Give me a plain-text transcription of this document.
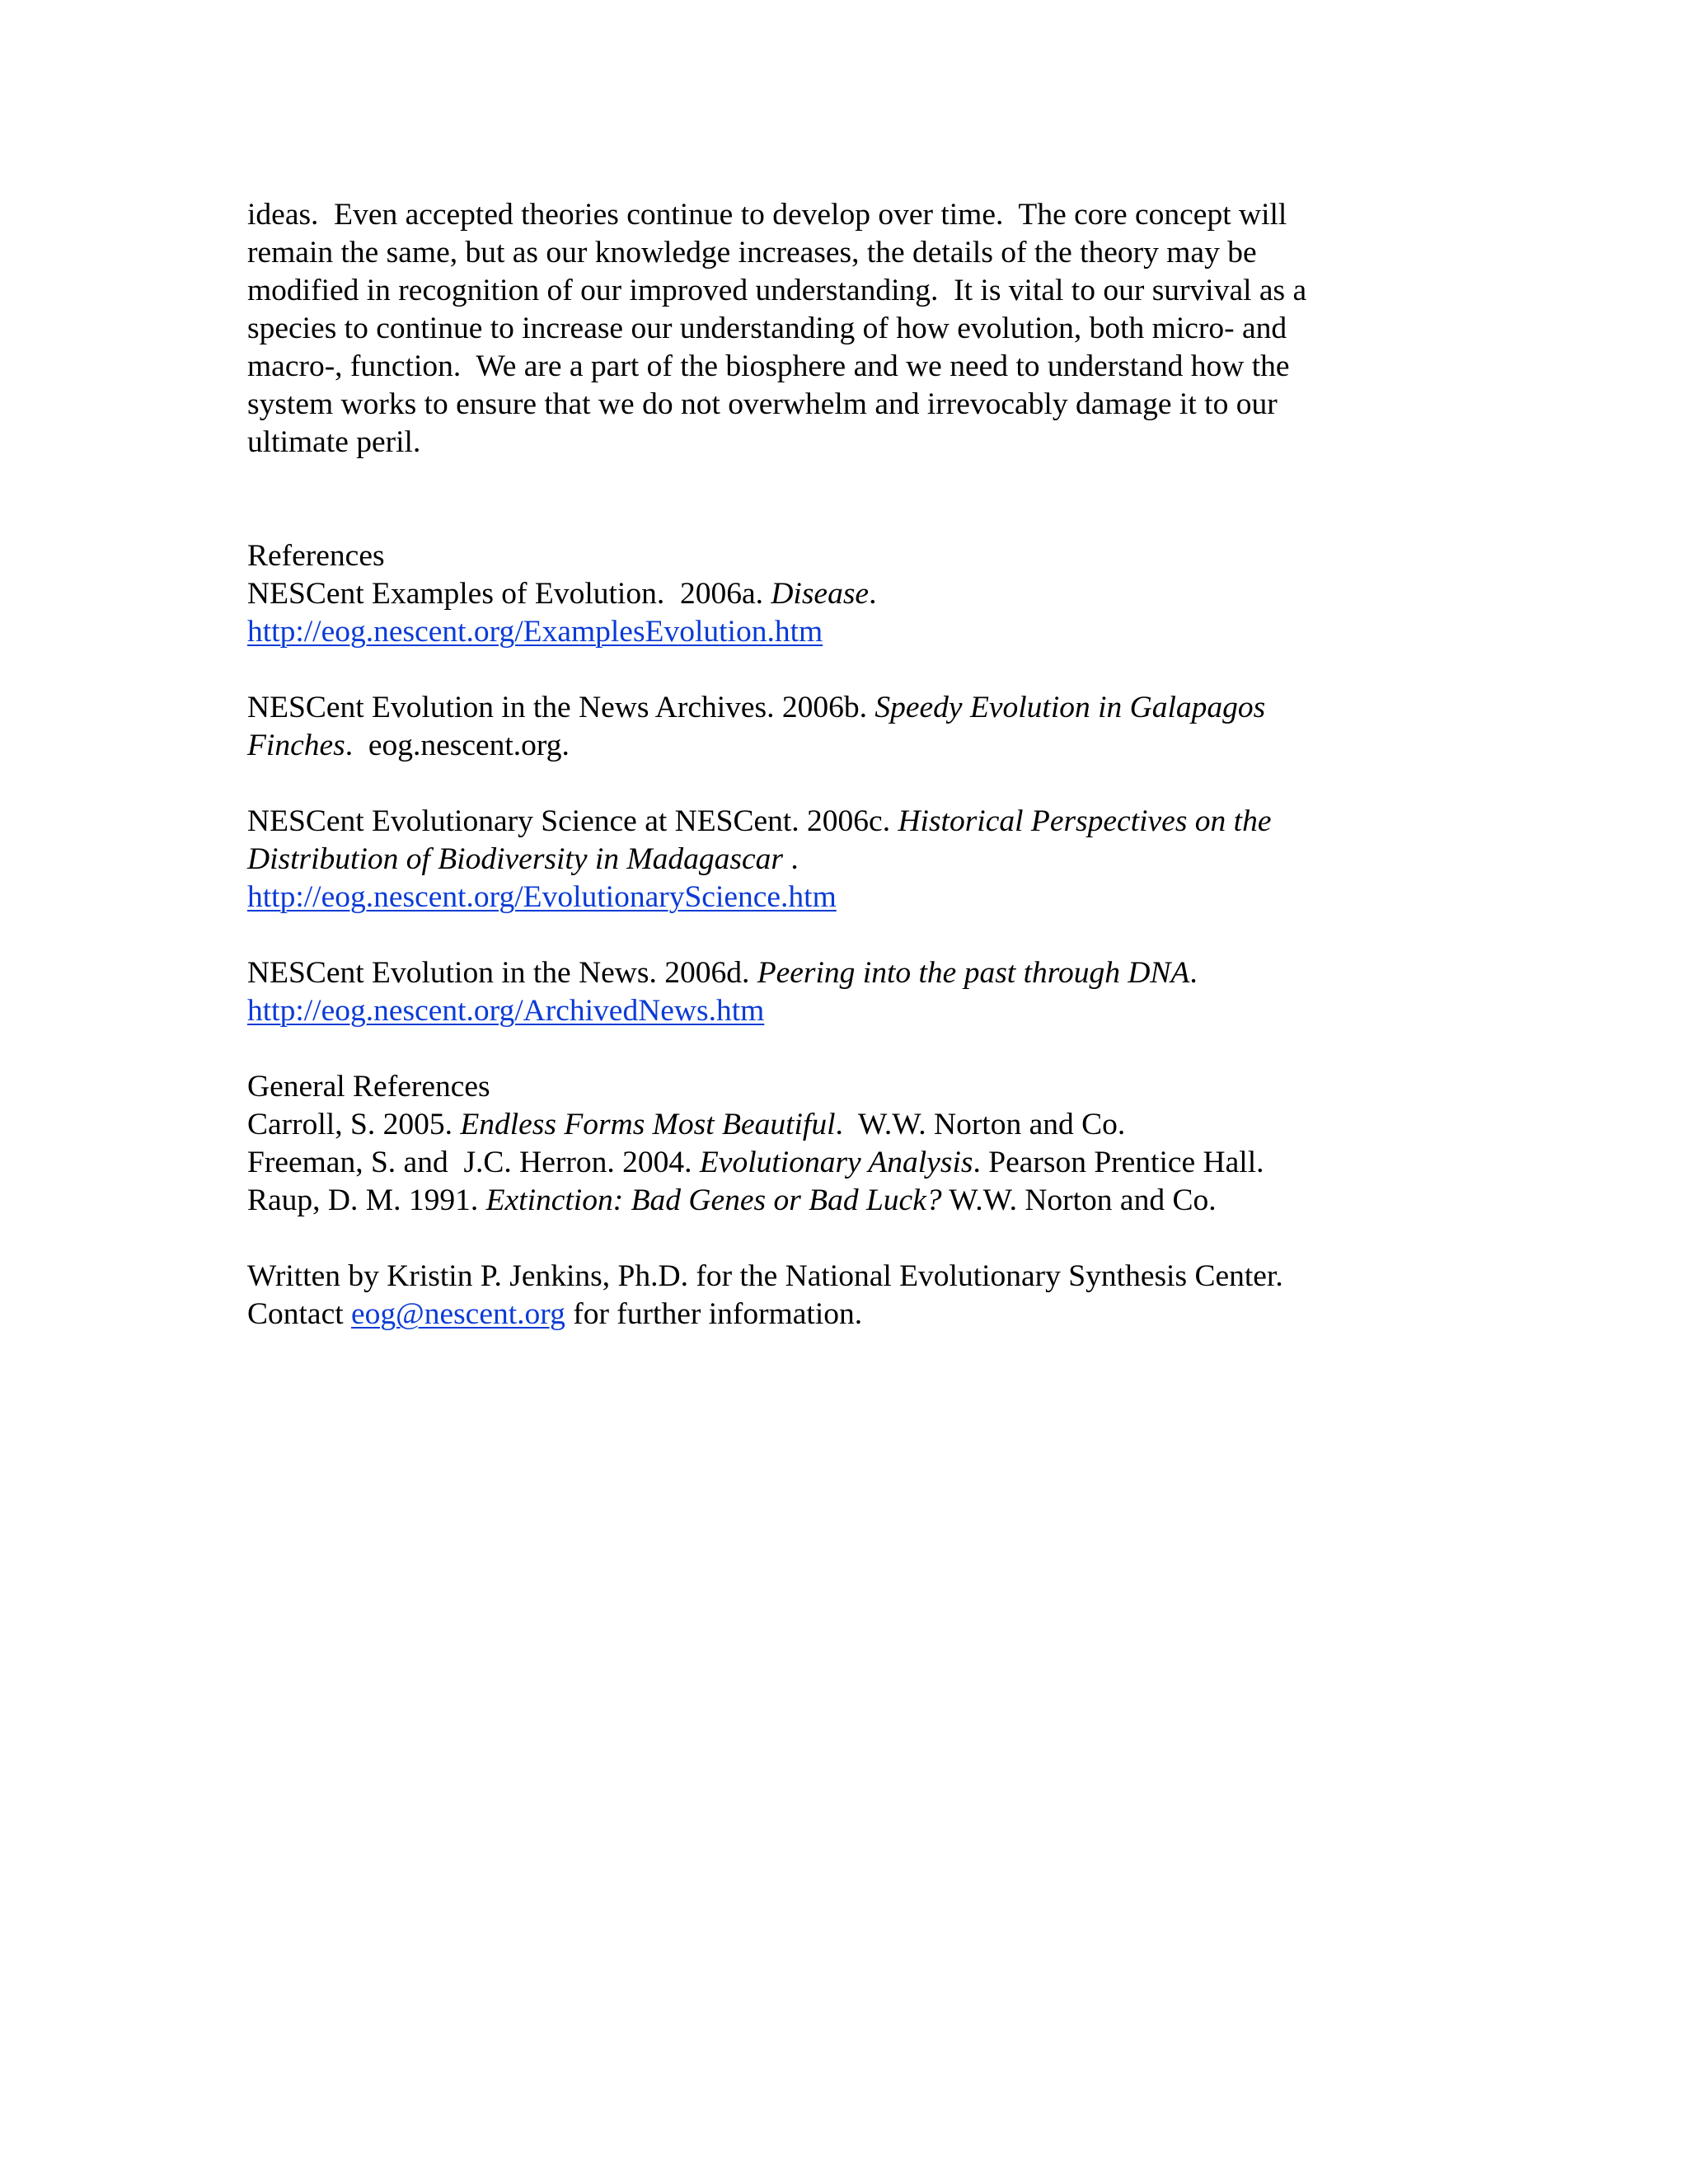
ideas.  Even accepted theories continue to develop over time.  The core concept will
remain the same, but as our knowledge increases, the details of the theory may be
modified in recognition of our improved understanding.  It is vital to our survival as a
species to continue to increase our understanding of how evolution, both micro- and
macro-, function.  We are a part of the biosphere and we need to understand how the
system works to ensure that we do not overwhelm and irrevocably damage it to our
ultimate peril.

References

NESCent Examples of Evolution.  2006a. Disease.
http://eog.nescent.org/ExamplesEvolution.htm

NESCent Evolution in the News Archives. 2006b. Speedy Evolution in Galapagos
Finches.  eog.nescent.org.

NESCent Evolutionary Science at NESCent. 2006c. Historical Perspectives on the
Distribution of Biodiversity in Madagascar .
http://eog.nescent.org/EvolutionaryScience.htm

NESCent Evolution in the News. 2006d. Peering into the past through DNA.
http://eog.nescent.org/ArchivedNews.htm

General References

Carroll, S. 2005. Endless Forms Most Beautiful.  W.W. Norton and Co.

Freeman, S. and  J.C. Herron. 2004. Evolutionary Analysis. Pearson Prentice Hall.

Raup, D. M. 1991. Extinction: Bad Genes or Bad Luck? W.W. Norton and Co.

Written by Kristin P. Jenkins, Ph.D. for the National Evolutionary Synthesis Center.

Contact eog@nescent.org for further information.
